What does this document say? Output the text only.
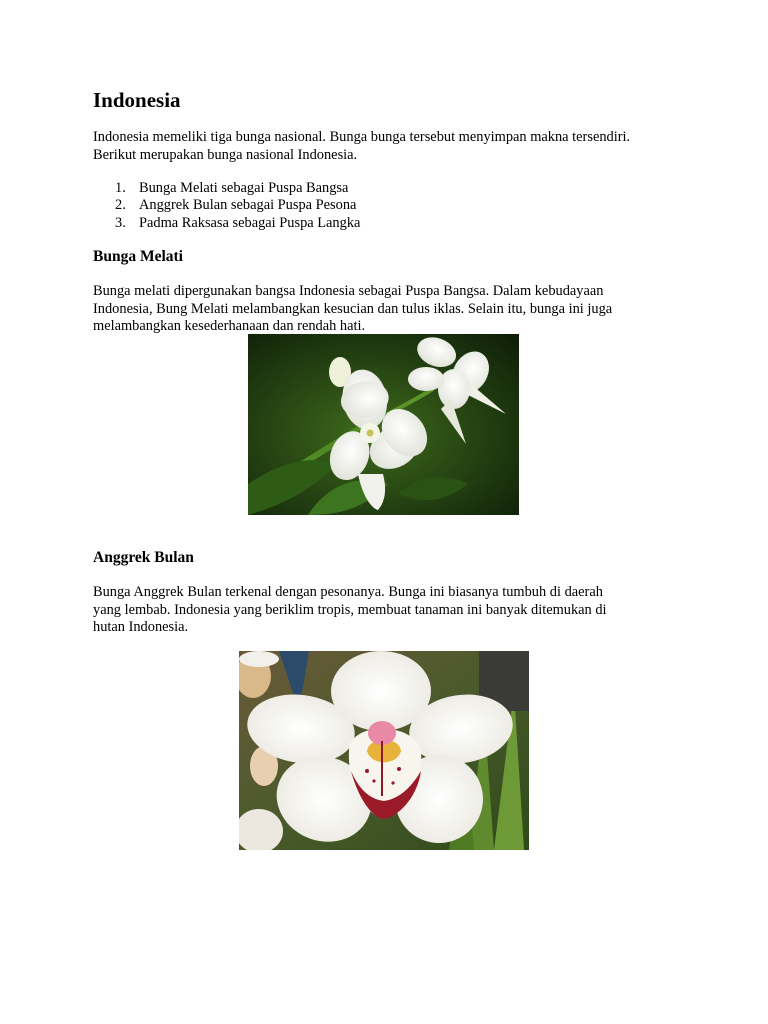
Indonesia

Indonesia memeliki tiga bunga nasional. Bunga bunga tersebut menyimpan makna tersendiri.
Berikut merupakan bunga nasional Indonesia.

1. Bunga Melati sebagai Puspa Bangsa
2. Anggrek Bulan sebagai Puspa Pesona
3. Padma Raksasa sebagai Puspa Langka
Bunga Melati

Bunga melati dipergunakan bangsa Indonesia sebagai Puspa Bangsa. Dalam kebudayaan
Indonesia, Bung Melati melambangkan kesucian dan tulus iklas. Selain itu, bunga ini juga
melambangkan kesederhanaan dan rendah hati.

Anggrek Bulan

Bunga Anggrek Bulan terkenal dengan pesonanya. Bunga ini biasanya tumbuh di daerah
yang lembab. Indonesia yang beriklim tropis, membuat tanaman ini banyak ditemukan di
hutan Indonesia.
